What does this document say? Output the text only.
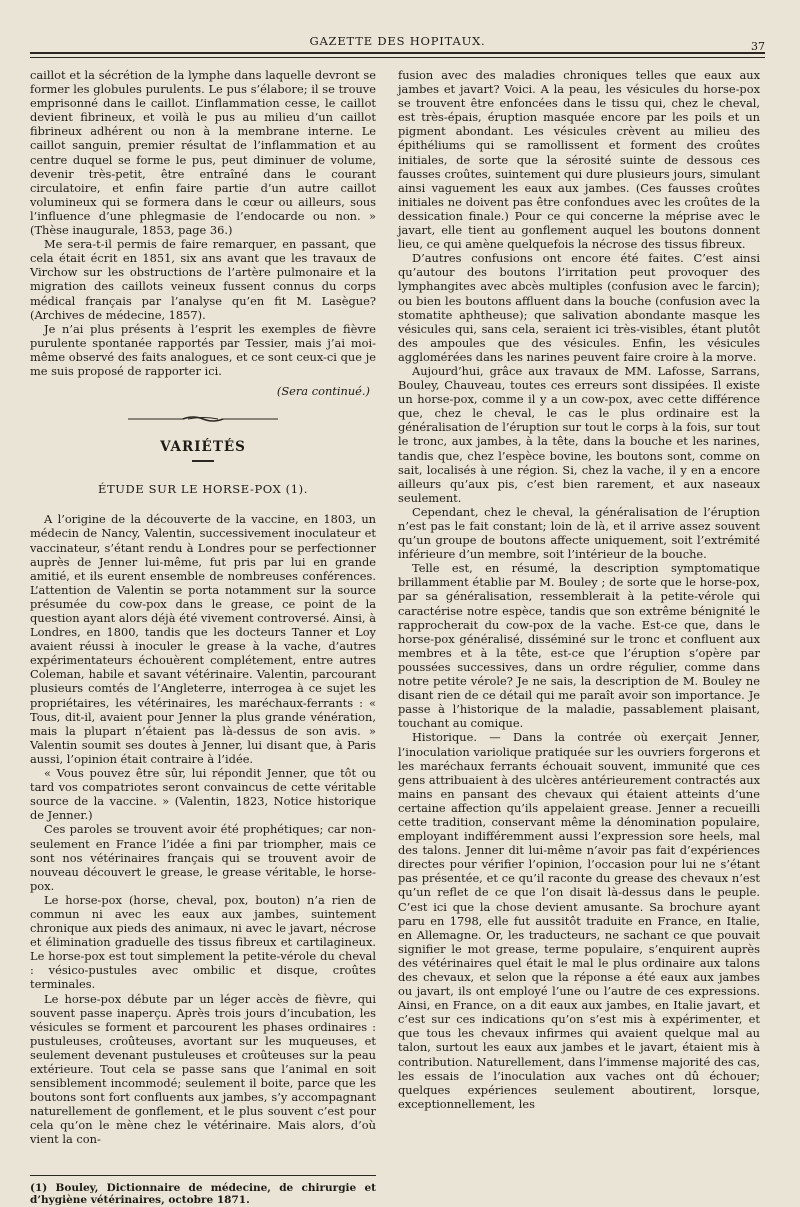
GAZETTE DES HOPITAUX.	37

caillot et la sécrétion de la lymphe dans laquelle devront se former les globules purulents. Le pus s’élabore; il se trouve emprisonné dans le caillot. L’inflammation cesse, le caillot devient fibrineux, et voilà le pus au milieu d’un caillot fibrineux adhérent ou non à la membrane interne. Le caillot sanguin, premier résultat de l’inflammation et au centre duquel se forme le pus, peut diminuer de volume, devenir très-petit, être entraîné dans le courant circulatoire, et enfin faire partie d’un autre caillot volumineux qui se formera dans le cœur ou ailleurs, sous l’influence d’une phlegmasie de l’endocarde ou non. » (Thèse inaugurale, 1853, page 36.)

Me sera-t-il permis de faire remarquer, en passant, que cela était écrit en 1851, six ans avant que les travaux de Virchow sur les obstructions de l’artère pulmonaire et la migration des caillots veineux fussent connus du corps médical français par l’analyse qu’en fit M. Lasègue? (Archives de médecine, 1857).

Je n’ai plus présents à l’esprit les exemples de fièvre purulente spontanée rapportés par Tessier, mais j’ai moi-même observé des faits analogues, et ce sont ceux-ci que je me suis proposé de rapporter ici.

(Sera continué.)
VARIÉTÉS
ÉTUDE SUR LE HORSE-POX (1).

A l’origine de la découverte de la vaccine, en 1803, un médecin de Nancy, Valentin, successivement inoculateur et vaccinateur, s’étant rendu à Londres pour se perfectionner auprès de Jenner lui-même, fut pris par lui en grande amitié, et ils eurent ensemble de nombreuses conférences. L’attention de Valentin se porta notamment sur la source présumée du cow-pox dans le grease, ce point de la question ayant alors déjà été vivement controversé. Ainsi, à Londres, en 1800, tandis que les docteurs Tanner et Loy avaient réussi à inoculer le grease à la vache, d’autres expérimentateurs échouèrent complétement, entre autres Coleman, habile et savant vétérinaire. Valentin, parcourant plusieurs comtés de l’Angleterre, interrogea à ce sujet les propriétaires, les vétérinaires, les maréchaux-ferrants : « Tous, dit-il, avaient pour Jenner la plus grande vénération, mais la plupart n’étaient pas là-dessus de son avis. » Valentin soumit ses doutes à Jenner, lui disant que, à Paris aussi, l’opinion était contraire à l’idée.

« Vous pouvez être sûr, lui répondit Jenner, que tôt ou tard vos compatriotes seront convaincus de cette véritable source de la vaccine. » (Valentin, 1823, Notice historique de Jenner.)

Ces paroles se trouvent avoir été prophétiques; car non-seulement en France l’idée a fini par triompher, mais ce sont nos vétérinaires français qui se trouvent avoir de nouveau découvert le grease, le grease véritable, le horse-pox.

Le horse-pox (horse, cheval, pox, bouton) n’a rien de commun ni avec les eaux aux jambes, suintement chronique aux pieds des animaux, ni avec le javart, nécrose et élimination graduelle des tissus fibreux et cartilagineux. Le horse-pox est tout simplement la petite-vérole du cheval : vésico-pustules avec ombilic et disque, croûtes terminales.

Le horse-pox débute par un léger accès de fièvre, qui souvent passe inaperçu. Après trois jours d’incubation, les vésicules se forment et parcourent les phases ordinaires : pustuleuses, croûteuses, avortant sur les muqueuses, et seulement devenant pustuleuses et croûteuses sur la peau extérieure. Tout cela se passe sans que l’animal en soit sensiblement incommodé; seulement il boite, parce que les boutons sont fort confluents aux jambes, s’y accompagnant naturellement de gonflement, et le plus souvent c’est pour cela qu’on le mène chez le vétérinaire. Mais alors, d’où vient la con-

(1) Bouley, Dictionnaire de médecine, de chirurgie et d’hygiène vétérinaires, octobre 1871.

fusion avec des maladies chroniques telles que eaux aux jambes et javart? Voici. A la peau, les vésicules du horse-pox se trouvent être enfoncées dans le tissu qui, chez le cheval, est très-épais, éruption masquée encore par les poils et un pigment abondant. Les vésicules crèvent au milieu des épithéliums qui se ramollissent et forment des croûtes initiales, de sorte que la sérosité suinte de dessous ces fausses croûtes, suintement qui dure plusieurs jours, simulant ainsi vaguement les eaux aux jambes. (Ces fausses croûtes initiales ne doivent pas être confondues avec les croûtes de la dessication finale.) Pour ce qui concerne la méprise avec le javart, elle tient au gonflement auquel les boutons donnent lieu, ce qui amène quelquefois la nécrose des tissus fibreux.

D’autres confusions ont encore été faites. C’est ainsi qu’autour des boutons l’irritation peut provoquer des lymphangites avec abcès multiples (confusion avec le farcin); ou bien les boutons affluent dans la bouche (confusion avec la stomatite aphtheuse); que salivation abondante masque les vésicules qui, sans cela, seraient ici très-visibles, étant plutôt des ampoules que des vésicules. Enfin, les vésicules agglomérées dans les narines peuvent faire croire à la morve.

Aujourd’hui, grâce aux travaux de MM. Lafosse, Sarrans, Bouley, Chauveau, toutes ces erreurs sont dissipées. Il existe un horse-pox, comme il y a un cow-pox, avec cette différence que, chez le cheval, le cas le plus ordinaire est la généralisation de l’éruption sur tout le corps à la fois, sur tout le tronc, aux jambes, à la tête, dans la bouche et les narines, tandis que, chez l’espèce bovine, les boutons sont, comme on sait, localisés à une région. Si, chez la vache, il y en a encore ailleurs qu’aux pis, c’est bien rarement, et aux naseaux seulement.

Cependant, chez le cheval, la généralisation de l’éruption n’est pas le fait constant; loin de là, et il arrive assez souvent qu’un groupe de boutons affecte uniquement, soit l’extrémité inférieure d’un membre, soit l’intérieur de la bouche.

Telle est, en résumé, la description symptomatique brillamment établie par M. Bouley ; de sorte que le horse-pox, par sa généralisation, ressemblerait à la petite-vérole qui caractérise notre espèce, tandis que son extrême bénignité le rapprocherait du cow-pox de la vache. Est-ce que, dans le horse-pox généralisé, disséminé sur le tronc et confluent aux membres et à la tête, est-ce que l’éruption s’opère par poussées successives, dans un ordre régulier, comme dans notre petite vérole? Je ne sais, la description de M. Bouley ne disant rien de ce détail qui me paraît avoir son importance. Je passe à l’historique de la maladie, passablement plaisant, touchant au comique.

Historique. — Dans la contrée où exerçait Jenner, l’inoculation variolique pratiquée sur les ouvriers forgerons et les maréchaux ferrants échouait souvent, immunité que ces gens attribuaient à des ulcères antérieurement contractés aux mains en pansant des chevaux qui étaient atteints d’une certaine affection qu’ils appelaient grease. Jenner a recueilli cette tradition, conservant même la dénomination populaire, employant indifféremment aussi l’expression sore heels, mal des talons. Jenner dit lui-même n’avoir pas fait d’expériences directes pour vérifier l’opinion, l’occasion pour lui ne s’étant pas présentée, et ce qu’il raconte du grease des chevaux n’est qu’un reflet de ce que l’on disait là-dessus dans le peuple. C’est ici que la chose devient amusante. Sa brochure ayant paru en 1798, elle fut aussitôt traduite en France, en Italie, en Allemagne. Or, les traducteurs, ne sachant ce que pouvait signifier le mot grease, terme populaire, s’enquirent auprès des vétérinaires quel était le mal le plus ordinaire aux talons des chevaux, et selon que la réponse a été eaux aux jambes ou javart, ils ont employé l’une ou l’autre de ces expressions. Ainsi, en France, on a dit eaux aux jambes, en Italie javart, et c’est sur ces indications qu’on s’est mis à expérimenter, et que tous les chevaux infirmes qui avaient quelque mal au talon, surtout les eaux aux jambes et le javart, étaient mis à contribution. Naturellement, dans l’immense majorité des cas, les essais de l’inoculation aux vaches ont dû échouer; quelques expériences seulement aboutirent, lorsque, exceptionnellement, les
